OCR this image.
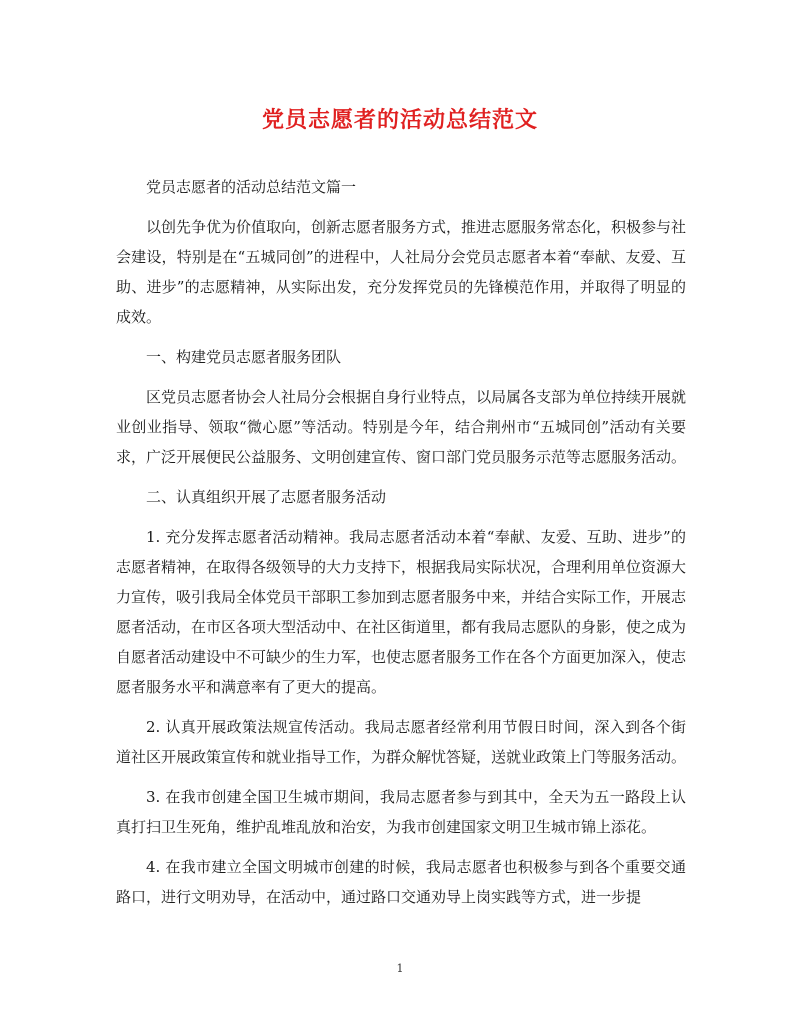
党员志愿者的活动总结范文

党员志愿者的活动总结范文篇一

以创先争优为价值取向，创新志愿者服务方式，推进志愿服务常态化，积极参与社会建设，特别是在“五城同创”的进程中，人社局分会党员志愿者本着“奉献、友爱、互助、进步”的志愿精神，从实际出发，充分发挥党员的先锋模范作用，并取得了明显的成效。

一、构建党员志愿者服务团队

区党员志愿者协会人社局分会根据自身行业特点，以局属各支部为单位持续开展就业创业指导、领取“微心愿”等活动。特别是今年，结合荆州市“五城同创”活动有关要求，广泛开展便民公益服务、文明创建宣传、窗口部门党员服务示范等志愿服务活动。

二、认真组织开展了志愿者服务活动

1. 充分发挥志愿者活动精神。我局志愿者活动本着“奉献、友爱、互助、进步”的志愿者精神，在取得各级领导的大力支持下，根据我局实际状况，合理利用单位资源大力宣传，吸引我局全体党员干部职工参加到志愿者服务中来，并结合实际工作，开展志愿者活动，在市区各项大型活动中、在社区街道里，都有我局志愿队的身影，使之成为自愿者活动建设中不可缺少的生力军，也使志愿者服务工作在各个方面更加深入，使志愿者服务水平和满意率有了更大的提高。

2. 认真开展政策法规宣传活动。我局志愿者经常利用节假日时间，深入到各个街道社区开展政策宣传和就业指导工作，为群众解忧答疑，送就业政策上门等服务活动。

3. 在我市创建全国卫生城市期间，我局志愿者参与到其中，全天为五一路段上认真打扫卫生死角，维护乱堆乱放和治安，为我市创建国家文明卫生城市锦上添花。

4. 在我市建立全国文明城市创建的时候，我局志愿者也积极参与到各个重要交通路口，进行文明劝导，在活动中，通过路口交通劝导上岗实践等方式，进一步提

1
